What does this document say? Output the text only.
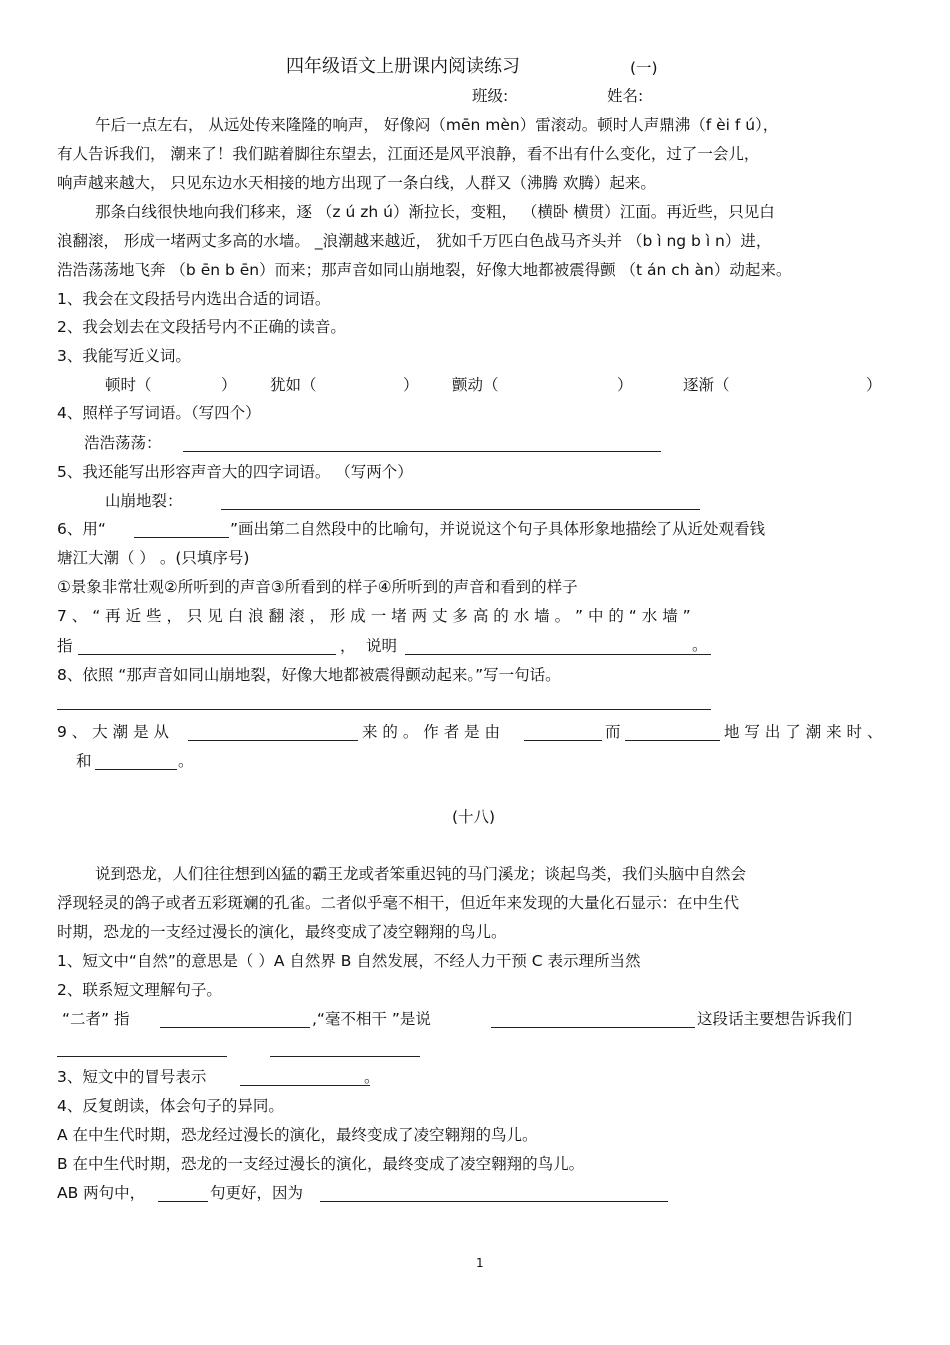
四年级语文上册课内阅读练习	(一)
班级:	姓名:
午后一点左右， 从远处传来隆隆的响声， 好像闷（mēn mèn）雷滚动。顿时人声鼎沸（f èi f ú），
有人告诉我们， 潮来了！我们踮着脚往东望去，江面还是风平浪静，看不出有什么变化，过了一会儿，
响声越来越大， 只见东边水天相接的地方出现了一条白线，人群又（沸腾 欢腾）起来。
那条白线很快地向我们移来，逐 （z ú zh ú）渐拉长，变粗， （横卧 横贯）江面。再近些，只见白
浪翻滚， 形成一堵两丈多高的水墙。 _浪潮越来越近， 犹如千万匹白色战马齐头并 （b ì ng b ì n）进，
浩浩荡荡地飞奔 （b ēn b ēn）而来；那声音如同山崩地裂，好像大地都被震得颤 （t án ch àn）动起来。
1、我会在文段括号内选出合适的词语。
2、我会划去在文段括号内不正确的读音。
3、我能写近义词。
顿时（	） 犹如（	） 颤动（	）	逐渐（	）
4、照样子写词语。（写四个）
浩浩荡荡：
5、我还能写出形容声音大的四字词语。 （写两个）
山崩地裂：
6、用“	”画出第二自然段中的比喻句，并说说这个句子具体形象地描绘了从近处观看钱
塘江大潮（ ） 。(只填序号)
①景象非常壮观②所听到的声音③所看到的样子④所听到的声音和看到的样子
7 、 “ 再 近 些 ， 只 见 白 浪 翻 滚 ， 形 成 一 堵 两 丈 多 高 的 水 墙 。 ” 中 的 “ 水 墙 ”
指	， 说明	。
8、依照 “那声音如同山崩地裂，好像大地都被震得颤动起来。”写一句话。
9 、 大 潮 是 从	来 的 。 作 者 是 由	而	地 写 出 了 潮 来 时 、
和	。
(十八)
说到恐龙，人们往往想到凶猛的霸王龙或者笨重迟钝的马门溪龙；谈起鸟类，我们头脑中自然会
浮现轻灵的鸽子或者五彩斑斓的孔雀。二者似乎毫不相干，但近年来发现的大量化石显示：在中生代
时期，恐龙的一支经过漫长的演化，最终变成了凌空翱翔的鸟儿。
1、短文中“自然”的意思是（ ）A 自然界 B 自然发展，不经人力干预 C 表示理所当然
2、联系短文理解句子。
“二者” 指	,“毫不相干 ”是说	这段话主要想告诉我们
3、短文中的冒号表示	。
4、反复朗读，体会句子的异同。
A 在中生代时期，恐龙经过漫长的演化，最终变成了凌空翱翔的鸟儿。
B 在中生代时期，恐龙的一支经过漫长的演化，最终变成了凌空翱翔的鸟儿。
AB 两句中，	句更好，因为
1
